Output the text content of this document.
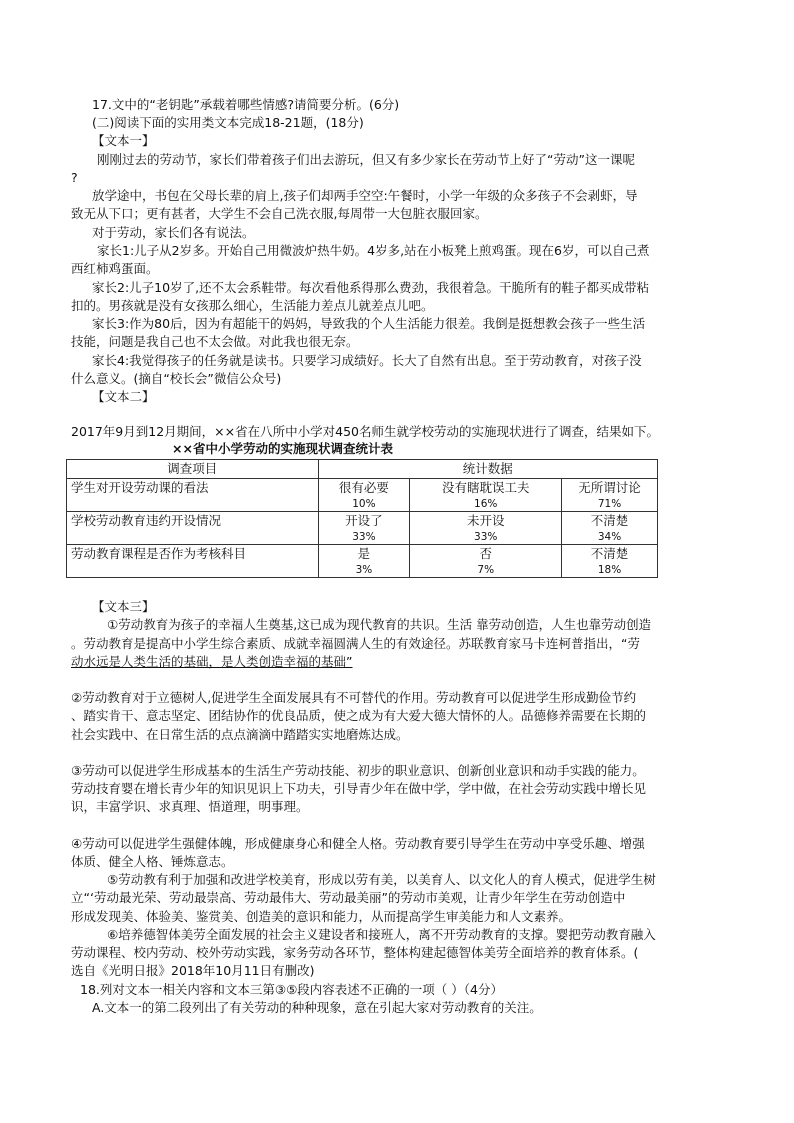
17.文中的“老钥匙”承载着哪些情感?请简要分析。(6分)
(二)阅读下面的实用类文本完成18-21题，(18分)
【文本一】
刚刚过去的劳动节，家长们带着孩子们出去游玩，但又有多少家长在劳动节上好了“劳动”这一课呢
?
放学途中，书包在父母长辈的肩上,孩子们却两手空空:午餐时，小学一年级的众多孩子不会剥虾，导
致无从下口；更有甚者，大学生不会自己洗衣服,每周带一大包脏衣服回家。
对于劳动，家长们各有说法。
家长1:儿子从2岁多。开始自己用微波炉热牛奶。4岁多,站在小板凳上煎鸡蛋。现在6岁，可以自己煮
西红柿鸡蛋面。
家长2:儿子10岁了,还不太会系鞋带。每次看他系得那么费劲，我很着急。干脆所有的鞋子都买成带粘
扣的。男孩就是没有女孩那么细心，生活能力差点儿就差点儿吧。
家长3:作为80后，因为有超能干的妈妈，导致我的个人生活能力很差。我倒是挺想教会孩子一些生活
技能，问题是我自己也不太会做。对此我也很无奈。
家长4:我觉得孩子的任务就是读书。只要学习成绩好。长大了自然有出息。至于劳动教育，对孩子没
什么意义。(摘自“校长会”微信公众号)
【文本二】
2017年9月到12月期间，××省在八所中小学对450名师生就学校劳动的实施现状进行了调查，结果如下。
××省中小学劳动的实施现状调查统计表
调查项目	统计数据		
学生对开设劳动课的看法	很有必要	没有瞎耽误工夫	无所谓讨论
	10%	16%	71%
学校劳动教育违约开设情况	开设了	未开设	不清楚
	33%	33%	34%
劳动教育课程是否作为考核科目	是	否	不清楚
	3%	7%	18%
【文本三】
①劳动教育为孩子的幸福人生奠基,这已成为现代教育的共识。生活 靠劳动创造，人生也靠劳动创造
。劳动教育是提高中小学生综合素质、成就幸福圆满人生的有效途径。苏联教育家马卡连柯普指出，“劳
动水远是人类生活的基础，是人类创造幸福的基础”
②劳动教育对于立德树人,促进学生全面发展具有不可替代的作用。劳动教育可以促进学生形成勤俭节约
、踏实肯干、意志坚定、团结协作的优良品质，使之成为有大爱大德大情怀的人。品德修养需要在长期的
社会实践中、在日常生活的点点滴滴中踏踏实实地磨炼达成。
③劳动可以促进学生形成基本的生活生产劳动技能、初步的职业意识、创新创业意识和动手实践的能力。
劳动技育婴在增长青少年的知识见识上下功夫，引导青少年在做中学，学中做，在社会劳动实践中增长见
识，丰富学识、求真理、悟道理，明事理。
④劳动可以促进学生强健体魄，形成健康身心和健全人格。劳动教育要引导学生在劳动中享受乐趣、增强
体质、健全人格、锤炼意志。
⑤劳动教有利于加强和改进学校美育，形成以劳有美，以美育人、以文化人的育人模式，促进学生树
立“‘劳动最光荣、劳动最崇高、劳动最伟大、劳动最美丽”的劳动市美观，让青少年学生在劳动创造中
形成发现美、体验美、鉴赏美、创造美的意识和能力，从而提高学生审美能力和人文素养。
⑥培养德智体美劳全面发展的社会主义建设者和接班人，离不开劳动教育的支撑。婴把劳动教育融入
劳动课程、校内劳动、校外劳动实践，家务劳动各环节，整体构建起德智体美劳全面培养的教育体系。(
选自《光明日报》2018年10月11日有删改)
18.列对文本一相关内容和文本三第③⑤段内容表述不正确的一项（ ）（4分）
A.文本一的第二段列出了有关劳动的种种现象，意在引起大家对劳动教育的关注。
